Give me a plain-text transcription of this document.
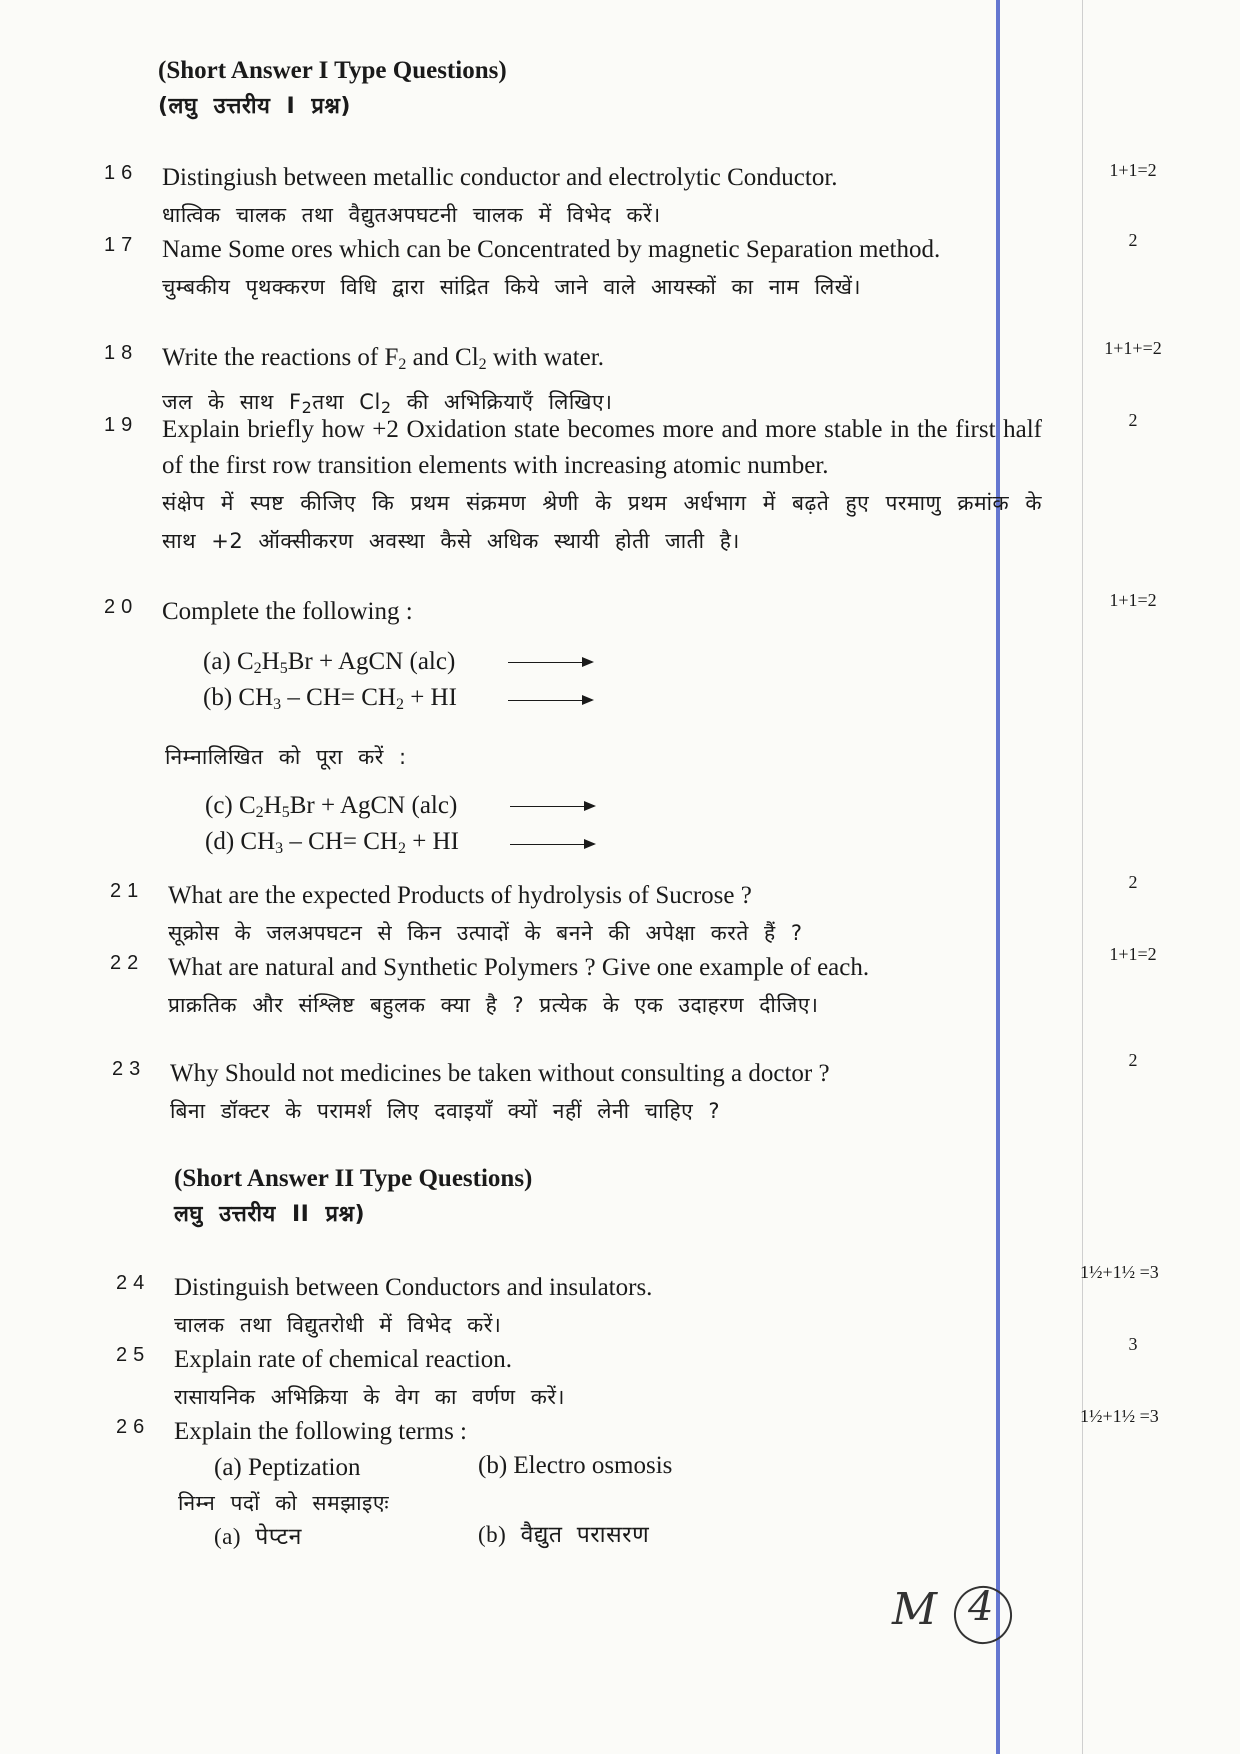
(Short Answer I Type Questions)
(लघु उत्तरीय I प्रश्न)
16 Distingiush between metallic conductor and electrolytic Conductor.
धात्विक चालक तथा वैद्युतअपघटनी चालक में विभेद करें।
1+1=2
17 Name Some ores which can be Concentrated by magnetic Separation method.
चुम्बकीय पृथक्करण विधि द्वारा सांद्रित किये जाने वाले आयस्कों का नाम लिखें।
2
18 Write the reactions of $F_2$ and $Cl_2$ with water.
जल के साथ $F_2तथा$ $Cl_2$ की अभिक्रियाएँ लिखिए।
1+1+=2
19 Explain briefly how +2 Oxidation state becomes more and more stable in the first half of the first row transition elements with increasing atomic number.
संक्षेप में स्पष्ट कीजिए कि प्रथम संक्रमण श्रेणी के प्रथम अर्धभाग में बढ़ते हुए परमाणु क्रमांक के साथ +2 ऑक्सीकरण अवस्था कैसे अधिक स्थायी होती जाती है।
2
20 Complete the following :	1+1=2
(a) $C_2H_5Br$ + AgCN (alc)
(b) $CH_3 - CH= CH_2$ + HI
निम्नालिखित को पूरा करें :
(c) $C_2H_5Br$ + AgCN (alc)
(d) $CH_3 - CH= CH_2$ + HI
21 What are the expected Products of hydrolysis of Sucrose ?
सूक्रोस के जलअपघटन से किन उत्पादों के बनने की अपेक्षा करते हैं ?
2
22 What are natural and Synthetic Polymers ? Give one example of each.
प्राक्रतिक और संश्लिष्ट बहुलक क्या है ? प्रत्येक के एक उदाहरण दीजिए।
1+1=2
23 Why Should not medicines be taken without consulting a doctor ?
बिना डॉक्टर के परामर्श लिए दवाइयाँ क्यों नहीं लेनी चाहिए ?
2
(Short Answer II Type Questions)
लघु उत्तरीय II प्रश्न)
24 Distinguish between Conductors and insulators.
चालक तथा विद्युतरोधी में विभेद करें।
1½+1½ =3
25 Explain rate of chemical reaction.
रासायनिक अभिक्रिया के वेग का वर्णण करें।
3
26 Explain the following terms :
1½+1½ =3
(a) Peptization	(b) Electro osmosis
निम्न पदों को समझाइएः
(a) पेप्टन	(b) वैद्युत परासरण
M 4
